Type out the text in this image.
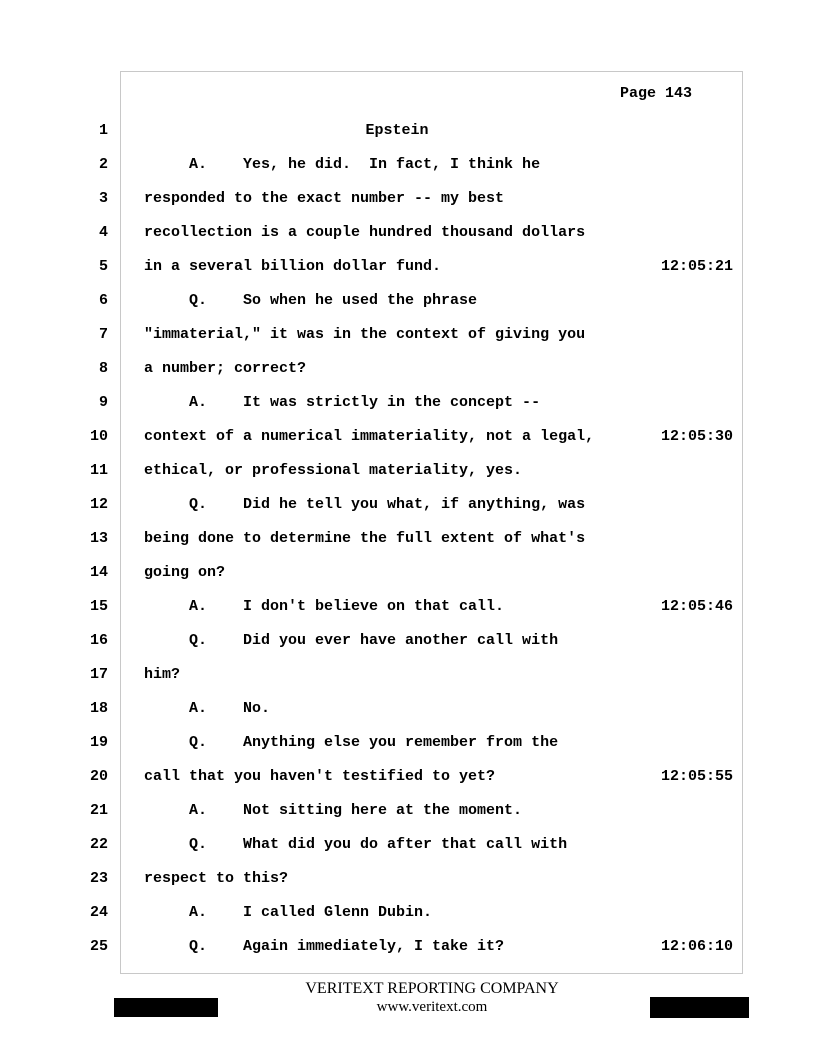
Page 143
1	Epstein
2 A.    Yes, he did.  In fact, I think he
3 responded to the exact number -- my best
4 recollection is a couple hundred thousand dollars
5 in a several billion dollar fund.	12:05:21
6 Q.    So when he used the phrase
7 "immaterial," it was in the context of giving you
8 a number; correct?
9 A.    It was strictly in the concept --
10 context of a numerical immateriality, not a legal,	12:05:30
11 ethical, or professional materiality, yes.
12 Q.    Did he tell you what, if anything, was
13 being done to determine the full extent of what's
14 going on?
15 A.    I don't believe on that call.	12:05:46
16 Q.    Did you ever have another call with
17 him?
18 A.    No.
19 Q.    Anything else you remember from the
20 call that you haven't testified to yet?	12:05:55
21 A.    Not sitting here at the moment.
22 Q.    What did you do after that call with
23 respect to this?
24 A.    I called Glenn Dubin.
25 Q.    Again immediately, I take it?	12:06:10
VERITEXT REPORTING COMPANY
www.veritext.com
